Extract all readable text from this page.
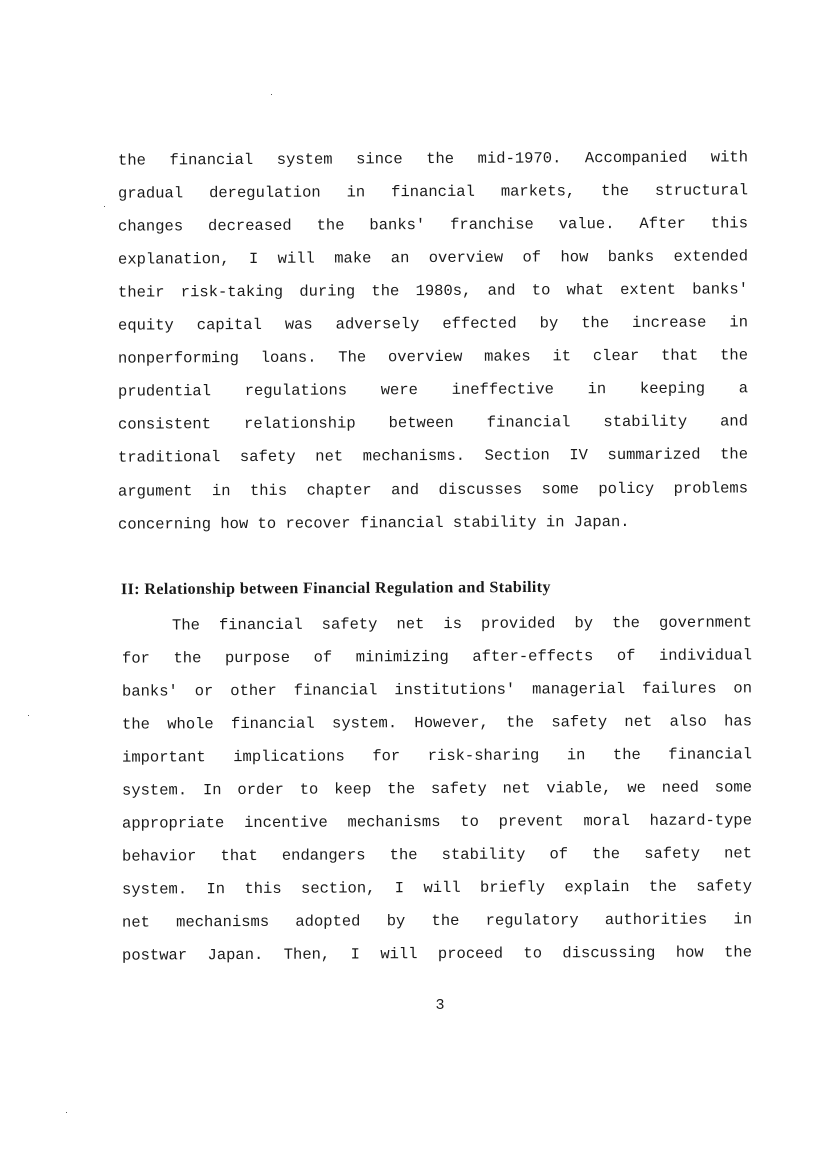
the financial system since the mid-1970. Accompanied with
gradual deregulation in financial markets, the structural
changes decreased the banks' franchise value. After this
explanation, I will make an overview of how banks extended
their risk-taking during the 1980s, and to what extent banks'
equity capital was adversely effected by the increase in
nonperforming loans. The overview makes it clear that the
prudential regulations were ineffective in keeping a
consistent relationship between financial stability and
traditional safety net mechanisms. Section IV summarized the
argument in this chapter and discusses some policy problems
concerning how to recover financial stability in Japan.
II: Relationship between Financial Regulation and Stability
The financial safety net is provided by the government
for the purpose of minimizing after-effects of individual
banks' or other financial institutions' managerial failures on
the whole financial system. However, the safety net also has
important implications for risk-sharing in the financial
system. In order to keep the safety net viable, we need some
appropriate incentive mechanisms to prevent moral hazard-type
behavior that endangers the stability of the safety net
system. In this section, I will briefly explain the safety
net mechanisms adopted by the regulatory authorities in
postwar Japan. Then, I will proceed to discussing how the
3
